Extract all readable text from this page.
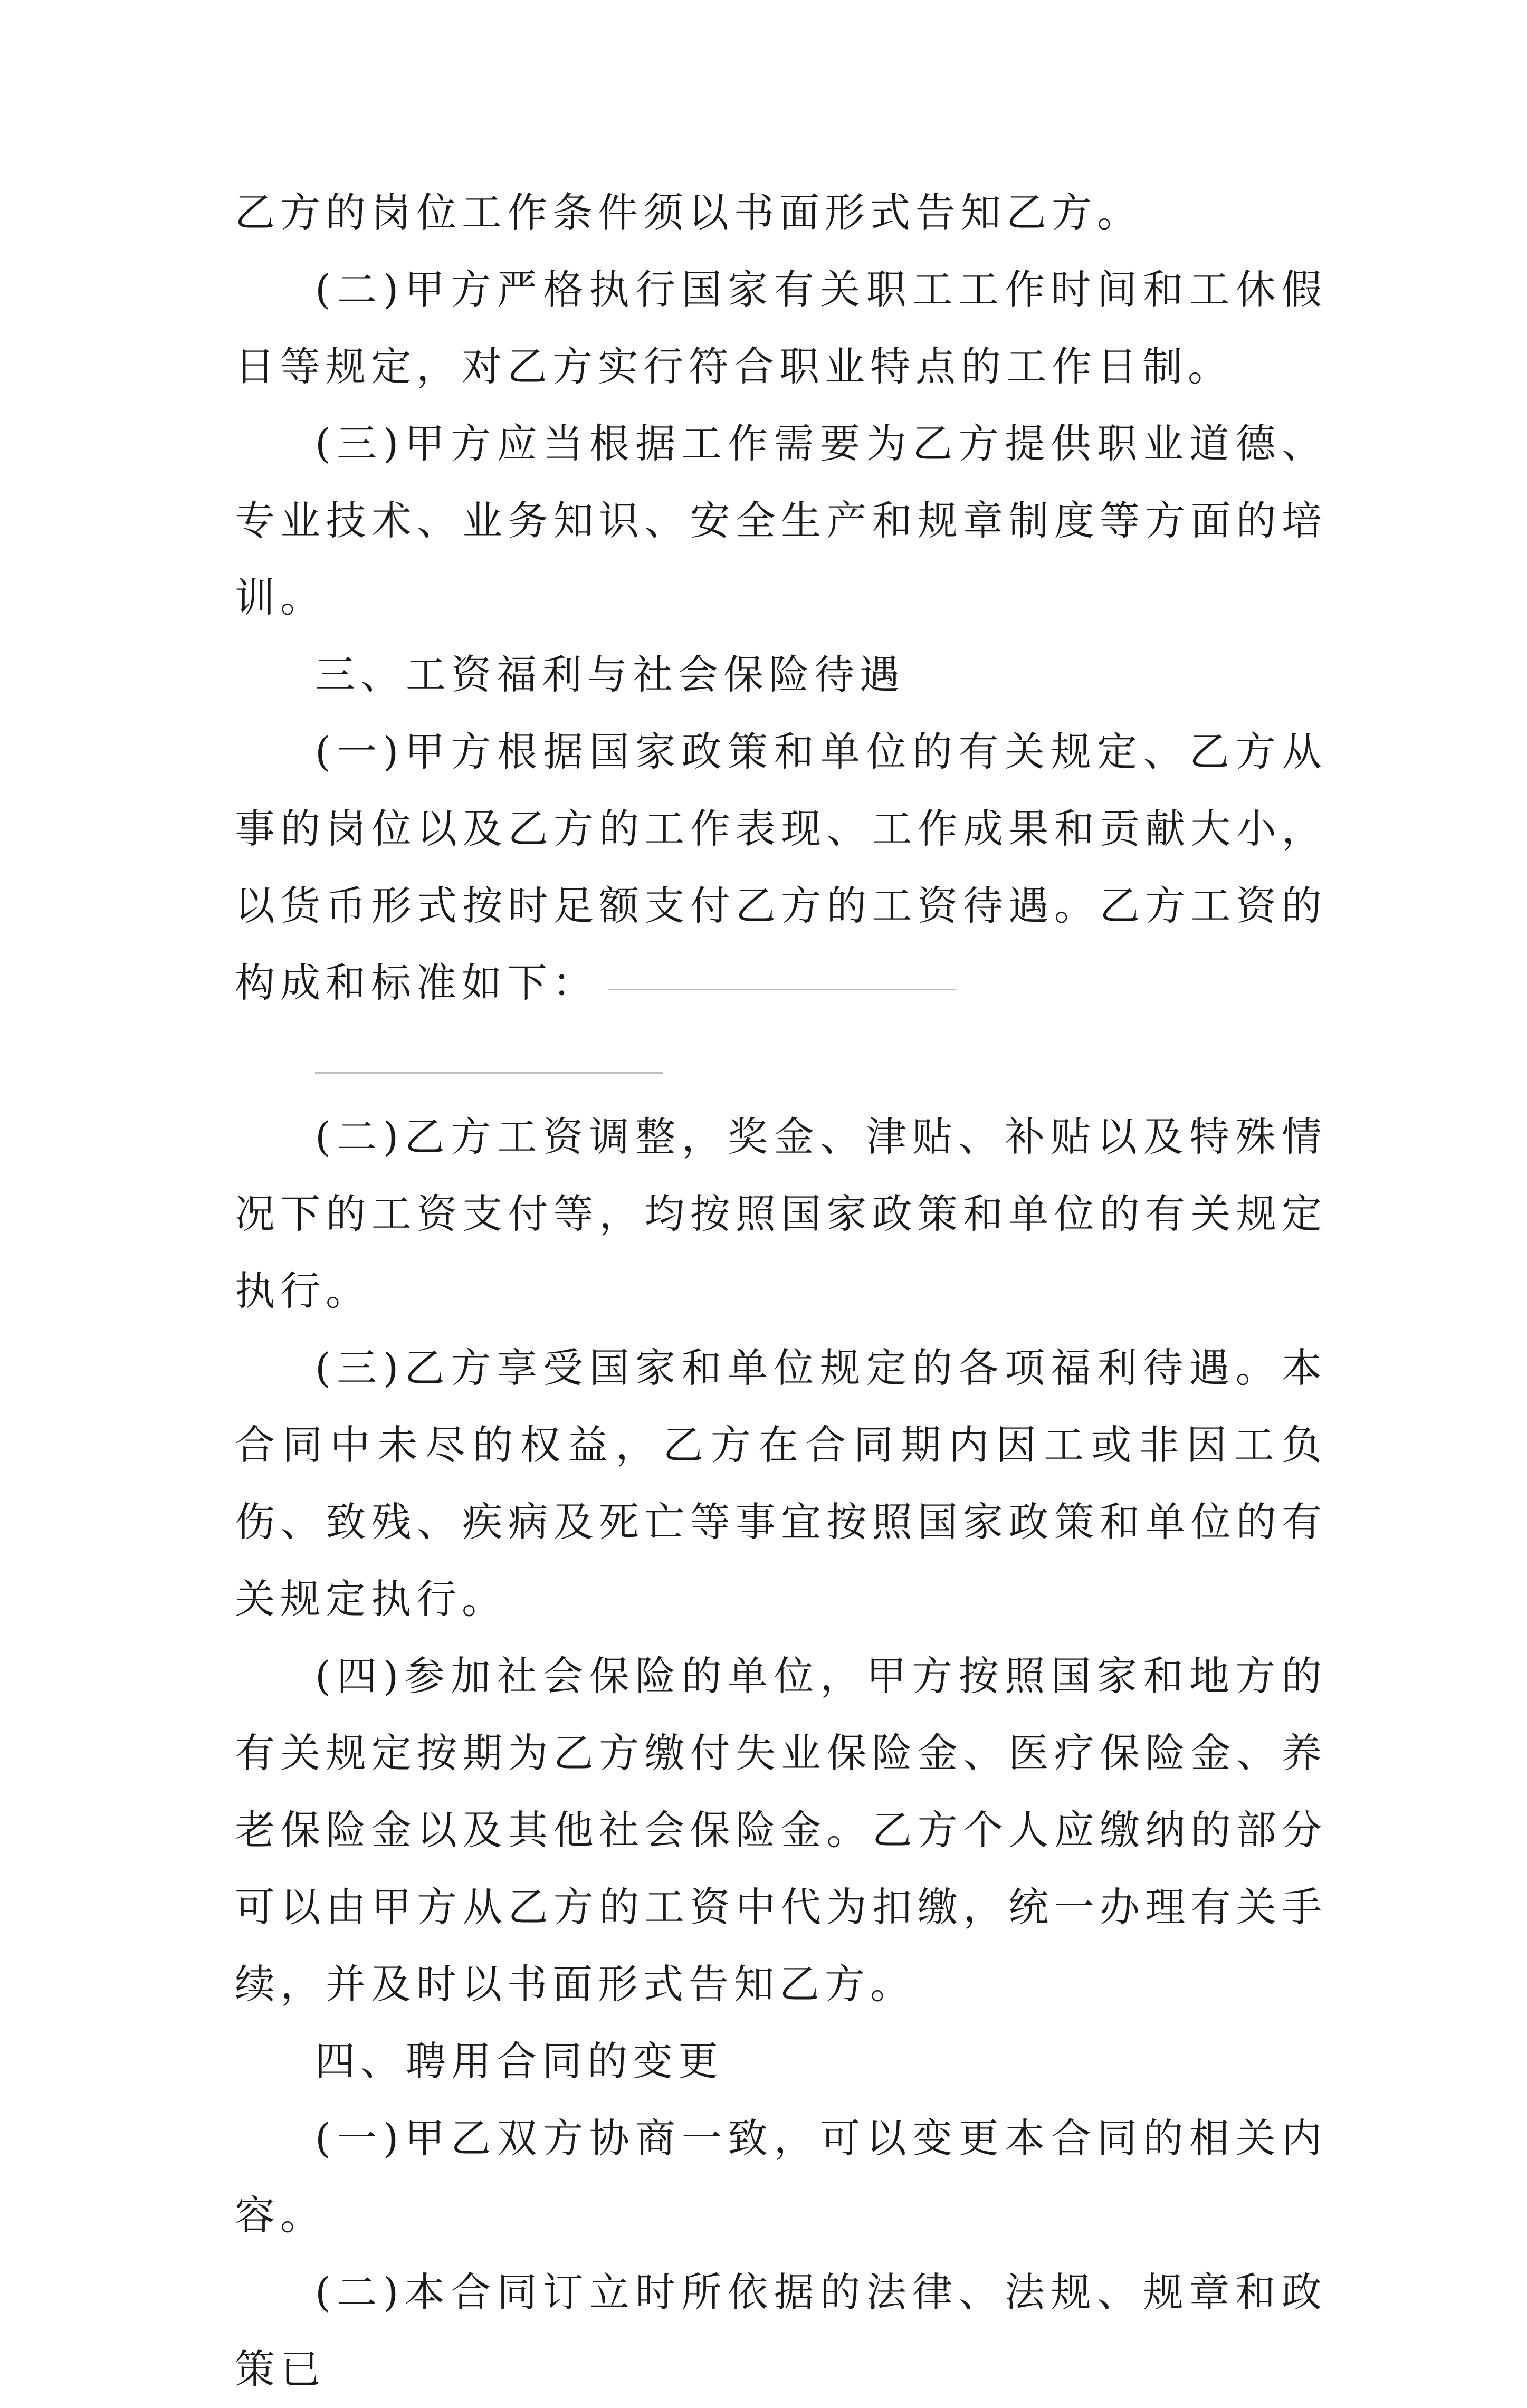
乙方的岗位工作条件须以书面形式告知乙方。

(二)甲方严格执行国家有关职工工作时间和工休假日等规定，对乙方实行符合职业特点的工作日制。

(三)甲方应当根据工作需要为乙方提供职业道德、专业技术、业务知识、安全生产和规章制度等方面的培训。

三、工资福利与社会保险待遇

(一)甲方根据国家政策和单位的有关规定、乙方从事的岗位以及乙方的工作表现、工作成果和贡献大小，以货币形式按时足额支付乙方的工资待遇。乙方工资的构成和标准如下：

(二)乙方工资调整，奖金、津贴、补贴以及特殊情况下的工资支付等，均按照国家政策和单位的有关规定执行。

(三)乙方享受国家和单位规定的各项福利待遇。本合同中未尽的权益，乙方在合同期内因工或非因工负伤、致残、疾病及死亡等事宜按照国家政策和单位的有关规定执行。

(四)参加社会保险的单位，甲方按照国家和地方的有关规定按期为乙方缴付失业保险金、医疗保险金、养老保险金以及其他社会保险金。乙方个人应缴纳的部分可以由甲方从乙方的工资中代为扣缴，统一办理有关手续，并及时以书面形式告知乙方。

四、聘用合同的变更

(一)甲乙双方协商一致，可以变更本合同的相关内容。

(二)本合同订立时所依据的法律、法规、规章和政策已
